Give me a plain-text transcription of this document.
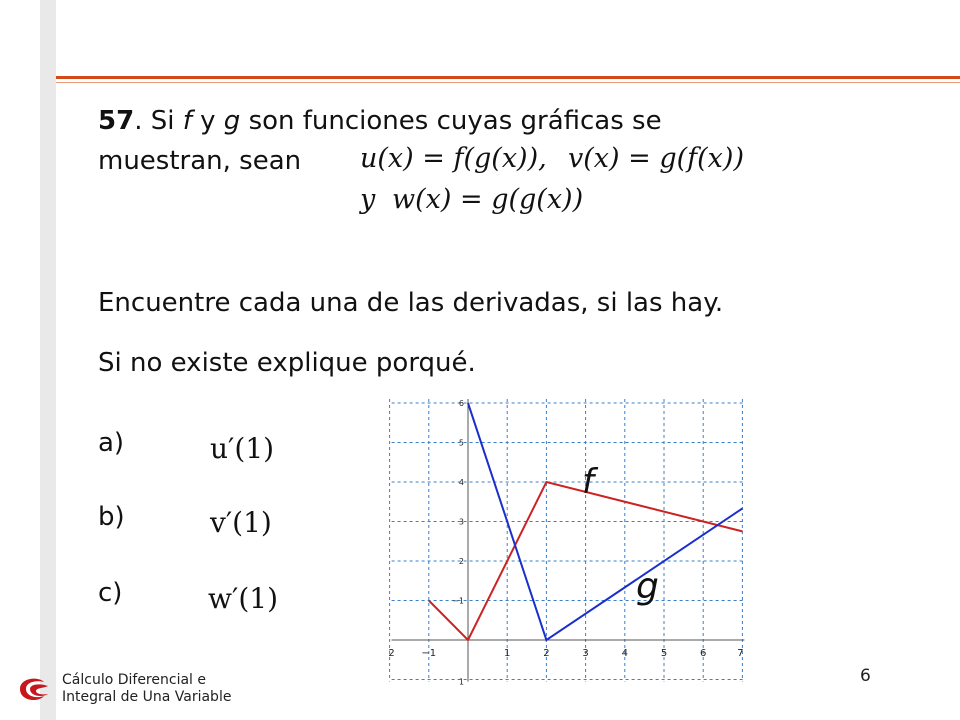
57. Si f y g son funciones cuyas gráficas se
muestran, sean u(x) = f(g(x)), v(x) = g(f(x))
y w(x) = g(g(x))
Encuentre cada una de las derivadas, si las hay.
Si no existe explique porqué.
a)	u′(1)
b)	v′(1)
c)	w′(1)
2	−1	1	2	3	4	5	6	7
1
−1
2
3
4
5
6
f
g
Cálculo Diferencial e
Integral de Una Variable
6
